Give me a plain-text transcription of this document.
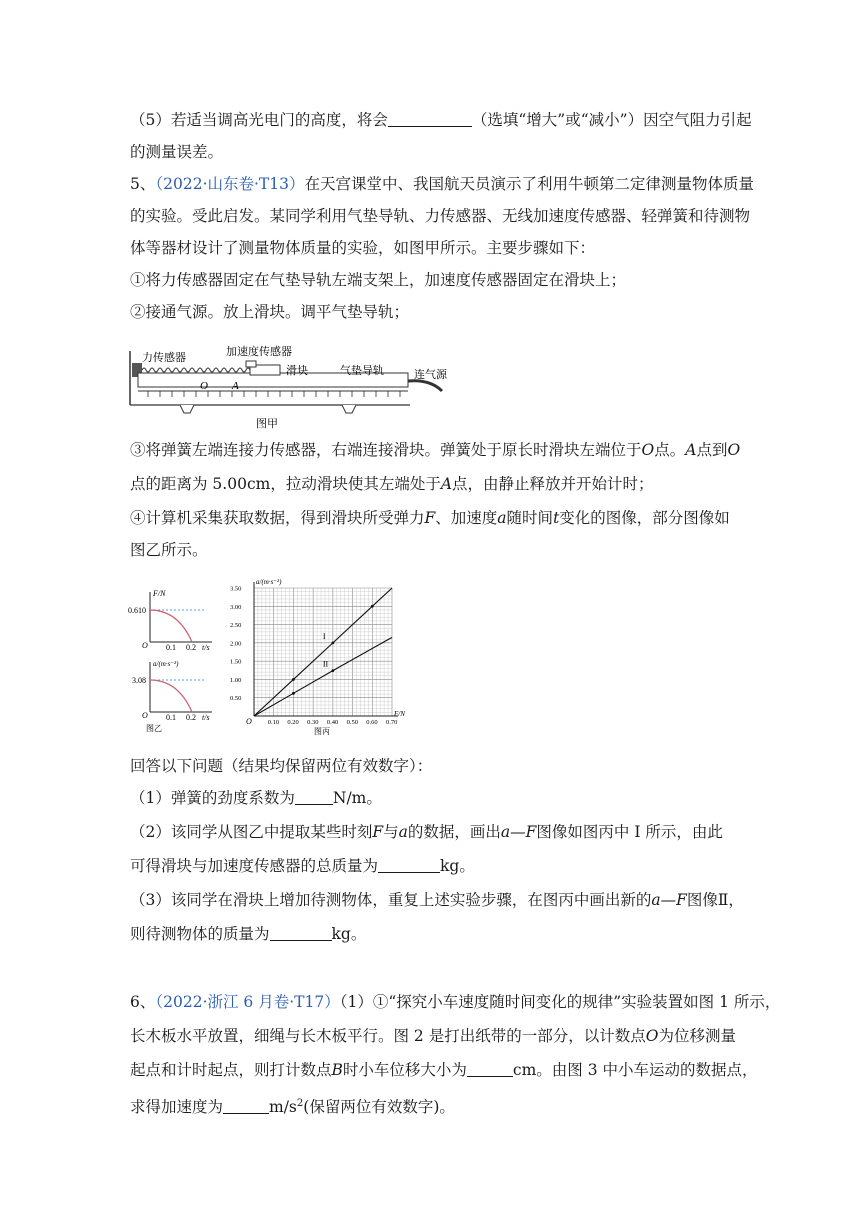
（5）若适当调高光电门的高度，将会	（选填“增大”或“减小”）因空气阻力引起
的测量误差。
5、（2022·山东卷·T13）在天宫课堂中、我国航天员演示了利用牛顿第二定律测量物体质量
的实验。受此启发。某同学利用气垫导轨、力传感器、无线加速度传感器、轻弹簧和待测物
体等器材设计了测量物体质量的实验，如图甲所示。主要步骤如下：
①将力传感器固定在气垫导轨左端支架上，加速度传感器固定在滑块上；
②接通气源。放上滑块。调平气垫导轨；
力传感器	加速度传感器
滑块	气垫导轨	连气源
O A
图甲
③将弹簧左端连接力传感器，右端连接滑块。弹簧处于原长时滑块左端位于O点。A点到O
点的距离为 5.00cm，拉动滑块使其左端处于A点，由静止释放并开始计时；
④计算机采集获取数据，得到滑块所受弹力F、加速度a随时间t变化的图像，部分图像如
图乙所示。
F/N
0.610
O 0.1 0.2 t/s
a/(m·s⁻²)
3.08
O 0.1 0.2 t/s
图乙
0.10 0.20 0.30 0.40 0.50 0.60 0.70
0.50
1.00
1.50
2.00
2.50
3.00
3.50
I
II
a/(m·s⁻²)
F/N
O
图丙
回答以下问题（结果均保留两位有效数字）：
（1）弹簧的劲度系数为 N/m。
（2）该同学从图乙中提取某些时刻F与a的数据，画出a—F图像如图丙中 I 所示，由此
可得滑块与加速度传感器的总质量为	kg。
（3）该同学在滑块上增加待测物体，重复上述实验步骤，在图丙中画出新的a—F图像Ⅱ，
则待测物体的质量为	kg。
6、（2022·浙江 6 月卷·T17）（1）①“探究小车速度随时间变化的规律”实验装置如图 1 所示，
长木板水平放置，细绳与长木板平行。图 2 是打出纸带的一部分，以计数点O为位移测量
起点和计时起点，则打计数点B时小车位移大小为	cm。由图 3 中小车运动的数据点，
求得加速度为	$m/s^2$(保留两位有效数字)。
